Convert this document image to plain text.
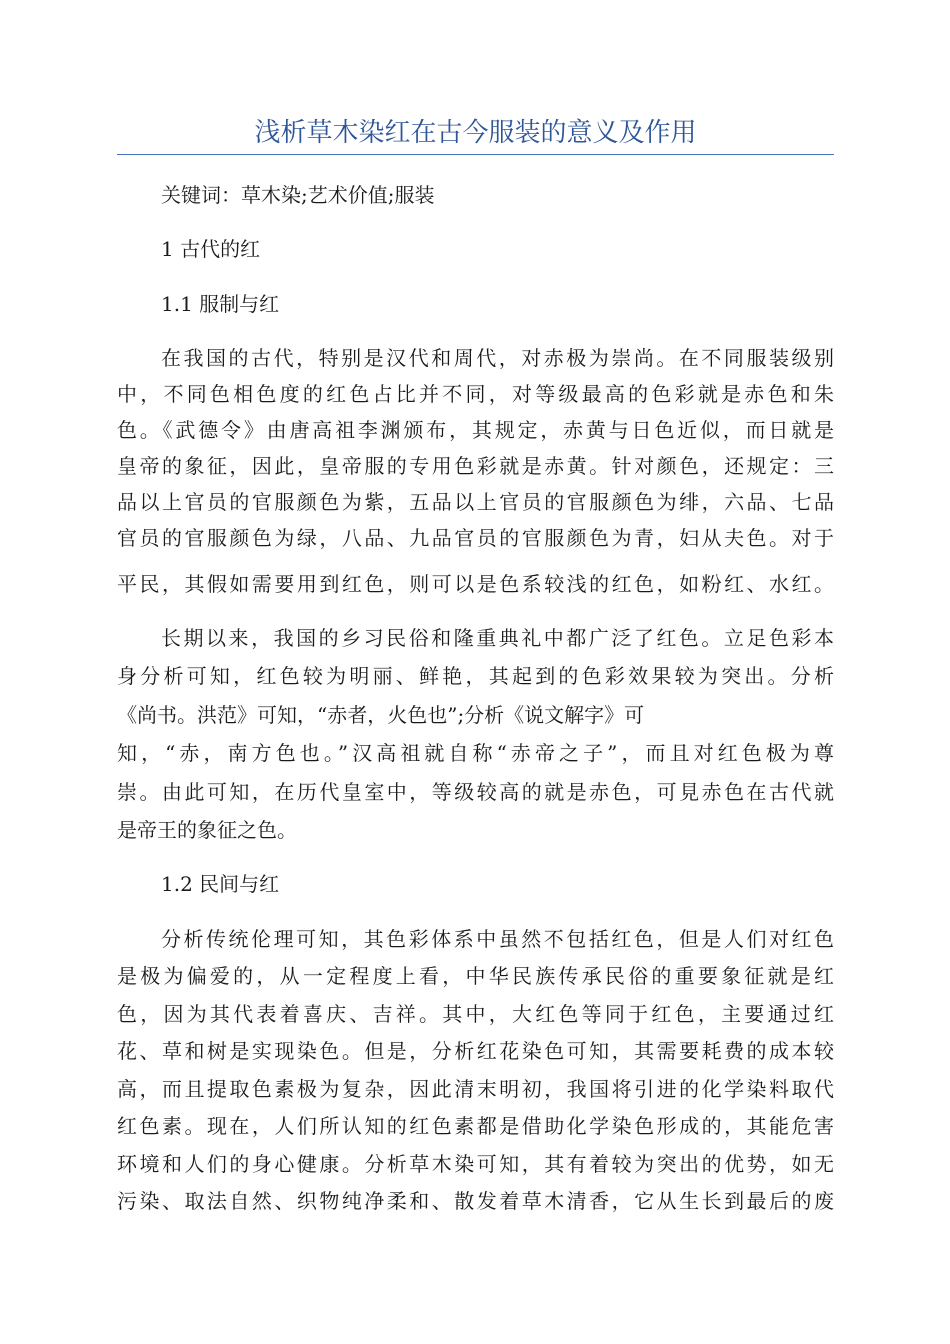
浅析草木染红在古今服装的意义及作用
关键词：草木染;艺术价值;服装
1 古代的红
1.1 服制与红
在我国的古代，特别是汉代和周代，对赤极为崇尚。在不同服装级别
中，不同色相色度的红色占比并不同，对等级最高的色彩就是赤色和朱
色。《武德令》由唐高祖李渊颁布，其规定，赤黄与日色近似，而日就是
皇帝的象征，因此，皇帝服的专用色彩就是赤黄。针对颜色，还规定：三
品以上官员的官服颜色为紫，五品以上官员的官服颜色为绯，六品、七品
官员的官服颜色为绿，八品、九品官员的官服颜色为青，妇从夫色。对于
平民，其假如需要用到红色，则可以是色系较浅的红色，如粉红、水红。
长期以来，我国的乡习民俗和隆重典礼中都广泛了红色。立足色彩本
身分析可知，红色较为明丽、鲜艳，其起到的色彩效果较为突出。分析
《尚书。洪范》可知，“赤者，火色也”;分析《说文解字》可
知，“赤，南方色也。”汉高祖就自称“赤帝之子”，而且对红色极为尊
崇。由此可知，在历代皇室中，等级较高的就是赤色，可見赤色在古代就
是帝王的象征之色。
1.2 民间与红
分析传统伦理可知，其色彩体系中虽然不包括红色，但是人们对红色
是极为偏爱的，从一定程度上看，中华民族传承民俗的重要象征就是红
色，因为其代表着喜庆、吉祥。其中，大红色等同于红色，主要通过红
花、草和树是实现染色。但是，分析红花染色可知，其需要耗费的成本较
高，而且提取色素极为复杂，因此清末明初，我国将引进的化学染料取代
红色素。现在，人们所认知的红色素都是借助化学染色形成的，其能危害
环境和人们的身心健康。分析草木染可知，其有着较为突出的优势，如无
污染、取法自然、织物纯净柔和、散发着草木清香，它从生长到最后的废
